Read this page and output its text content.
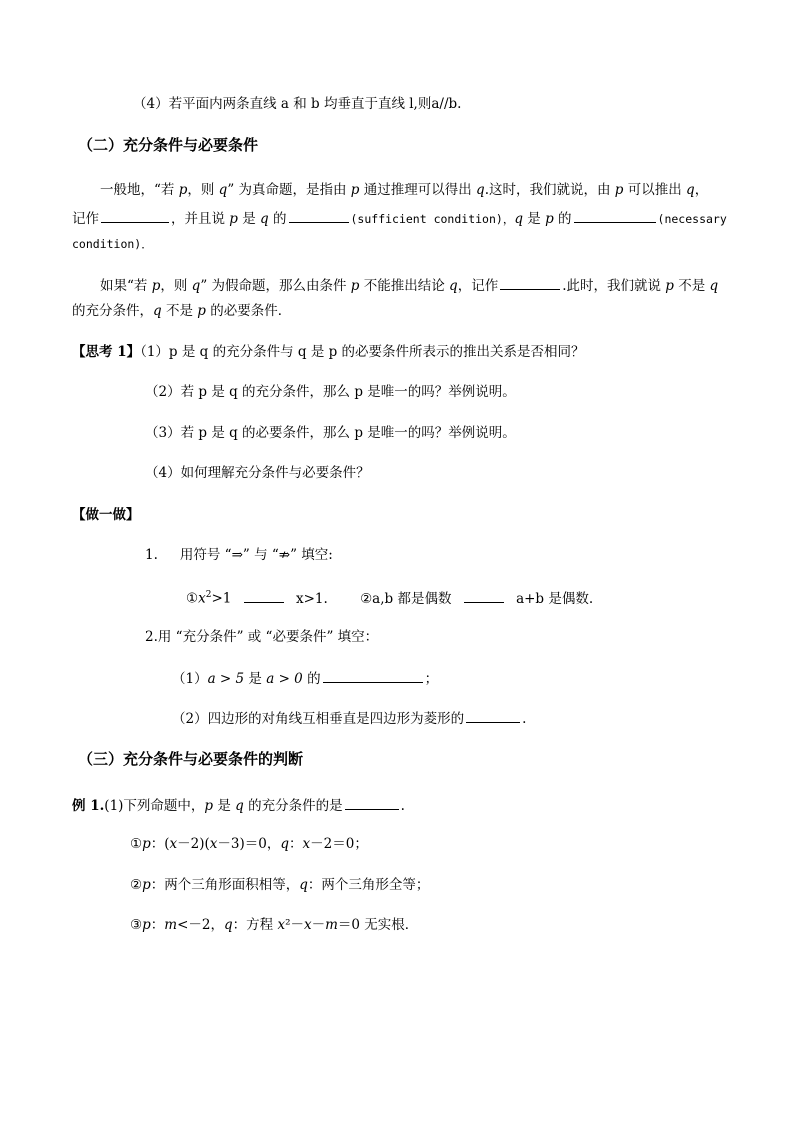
（4）若平面内两条直线 a 和 b 均垂直于直线 l,则a//b.
（二）充分条件与必要条件
一般地，“若 p，则 q” 为真命题，是指由 p 通过推理可以得出 q.这时，我们就说，由 p 可以推出 q，
记作	，并且说 p 是 q 的	(sufficient condition)，q 是 p 的	(necessary
condition)．
如果“若 p，则 q” 为假命题，那么由条件 p 不能推出结论 q，记作	.此时，我们就说 p 不是 q
的充分条件，q 不是 p 的必要条件．
【思考 1】（1）p 是 q 的充分条件与 q 是 p 的必要条件所表示的推出关系是否相同？
（2）若 p 是 q 的充分条件，那么 p 是唯一的吗？举例说明。
（3）若 p 是 q 的必要条件，那么 p 是唯一的吗？举例说明。
（4）如何理解充分条件与必要条件？
【做一做】
1. 用符号 “⇒” 与 “⇏” 填空:
$①x^2>1$	x>1. ②a,b 都是偶数	a+b 是偶数.
2.用 “充分条件” 或 “必要条件” 填空：
（1）a > 5 是 a > 0 的	；
（2）四边形的对角线互相垂直是四边形为菱形的	.
（三）充分条件与必要条件的判断
例 1.(1)下列命题中，p 是 q 的充分条件的是	.
①p：(x－2)(x－3)＝0，q：x－2＝0；
②p：两个三角形面积相等，q：两个三角形全等；
③p：m<－2，q：方程 x²－x－m＝0 无实根．
